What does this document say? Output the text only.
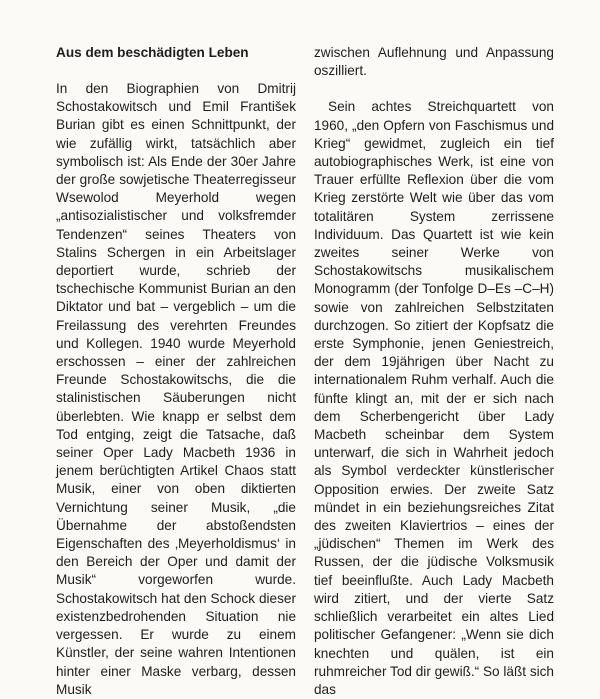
Aus dem beschädigten Leben

In den Biographien von Dmitrij Schostakowitsch und Emil František Burian gibt es einen Schnittpunkt, der wie zufällig wirkt, tatsächlich aber symbolisch ist: Als Ende der 30er Jahre der große sowjetische Theaterregisseur Wsewolod Meyerhold wegen „antisozialistischer und volksfremder Tendenzen“ seines Theaters von Stalins Schergen in ein Arbeitslager deportiert wurde, schrieb der tschechische Kommunist Burian an den Diktator und bat – vergeblich – um die Freilassung des verehrten Freundes und Kollegen. 1940 wurde Meyerhold erschossen – einer der zahlreichen Freunde Schostakowitschs, die die stalinistischen Säuberungen nicht überlebten. Wie knapp er selbst dem Tod entging, zeigt die Tatsache, daß seiner Oper Lady Macbeth 1936 in jenem berüchtigten Artikel Chaos statt Musik, einer von oben diktierten Vernichtung seiner Musik, „die Übernahme der abstoßendsten Eigenschaften des ‚Meyerholdismus‘ in den Bereich der Oper und damit der Musik“ vorgeworfen wurde. Schostakowitsch hat den Schock dieser existenzbedrohenden Situation nie vergessen. Er wurde zu einem Künstler, der seine wahren Intentionen hinter einer Maske verbarg, dessen Musik

zwischen Auflehnung und Anpassung oszilliert.

Sein achtes Streichquartett von 1960, „den Opfern von Faschismus und Krieg“ gewidmet, zugleich ein tief autobiographisches Werk, ist eine von Trauer erfüllte Reflexion über die vom Krieg zerstörte Welt wie über das vom totalitären System zerrissene Individuum. Das Quartett ist wie kein zweites seiner Werke von Schostakowitschs musikalischem Monogramm (der Tonfolge D–Es –C–H) sowie von zahlreichen Selbstzitaten durchzogen. So zitiert der Kopfsatz die erste Symphonie, jenen Geniestreich, der dem 19jährigen über Nacht zu internationalem Ruhm verhalf. Auch die fünfte klingt an, mit der er sich nach dem Scherbengericht über Lady Macbeth scheinbar dem System unterwarf, die sich in Wahrheit jedoch als Symbol verdeckter künstlerischer Opposition erwies. Der zweite Satz mündet in ein beziehungsreiches Zitat des zweiten Klaviertrios – eines der „jüdischen“ Themen im Werk des Russen, der die jüdische Volksmusik tief beeinflußte. Auch Lady Macbeth wird zitiert, und der vierte Satz schließlich verarbeitet ein altes Lied politischer Gefangener: „Wenn sie dich knechten und quälen, ist ein ruhmreicher Tod dir gewiß.“ So läßt sich das
